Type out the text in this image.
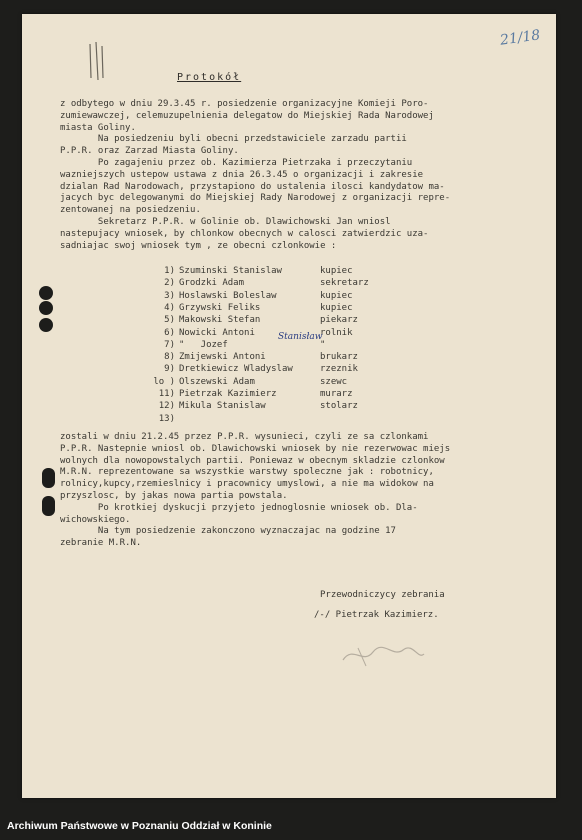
21/18
Protokół
z odbytego w dniu 29.3.45 r. posiedzenie organizacyjne Komieji Poro-
zumiewawczej, celemuzupelnienia delegatow do Miejskiej Rada Narodowej
miasta Goliny.
Na posiedzeniu byli obecni przedstawiciele zarzadu partii
P.P.R. oraz Zarzad Miasta Goliny.
Po zagajeniu przez ob. Kazimierza Pietrzaka i przeczytaniu
wazniejszych ustepow ustawa z dnia 26.3.45 o organizacji i zakresie
dzialan Rad Narodowach, przystapiono do ustalenia ilosci kandydatow ma-
jacych byc delegowanymi do Miejskiej Rady Narodowej z organizacji repre-
zentowanej na posiedzeniu.
Sekretarz P.P.R. w Golinie ob. Dlawichowski Jan wniosl
nastepujacy wniosek, by chlonkow obecnych w calosci zatwierdzic uza-
sadniajac swoj wniosek tym , ze obecni czlonkowie :
1) Szuminski Stanislaw	kupiec
2) Grodzki Adam	sekretarz
3) Hoslawski Boleslaw	kupiec
4) Grzywski Feliks	kupiec
5) Makowski Stefan	piekarz
6) Nowicki Antoni	rolnik
7) "   Jozef	"
8) Zmijewski Antoni	brukarz
9) Dretkiewicz Wladyslaw	rzeznik
lo ) Olszewski Adam	szewc
11) Pietrzak Kazimierz	murarz
12) Mikula Stanislaw	stolarz
13)
zostali w dniu 21.2.45 przez P.P.R. wysunieci, czyli ze sa czlonkami
P.P.R. Nastepnie wniosl ob. Dlawichowski wniosek by nie rezerwowac miejs
wolnych dla nowopowstalych partii. Poniewaz w obecnym skladzie czlonkow
M.R.N. reprezentowane sa wszystkie warstwy spoleczne jak : robotnicy,
rolnicy,kupcy,rzemieslnicy i pracownicy umyslowi, a nie ma widokow na
przyszlosc, by jakas nowa partia powstala.
Po krotkiej dyskucji przyjeto jednoglosnie wniosek ob. Dla-
wichowskiego.
Na tym posiedzenie zakonczono wyznaczajac na godzine 17
zebranie M.R.N.
Stanisław
Przewodniczycy zebrania
/-/ Pietrzak Kazimierz.
Archiwum Państwowe w Poznaniu Oddział w Koninie
